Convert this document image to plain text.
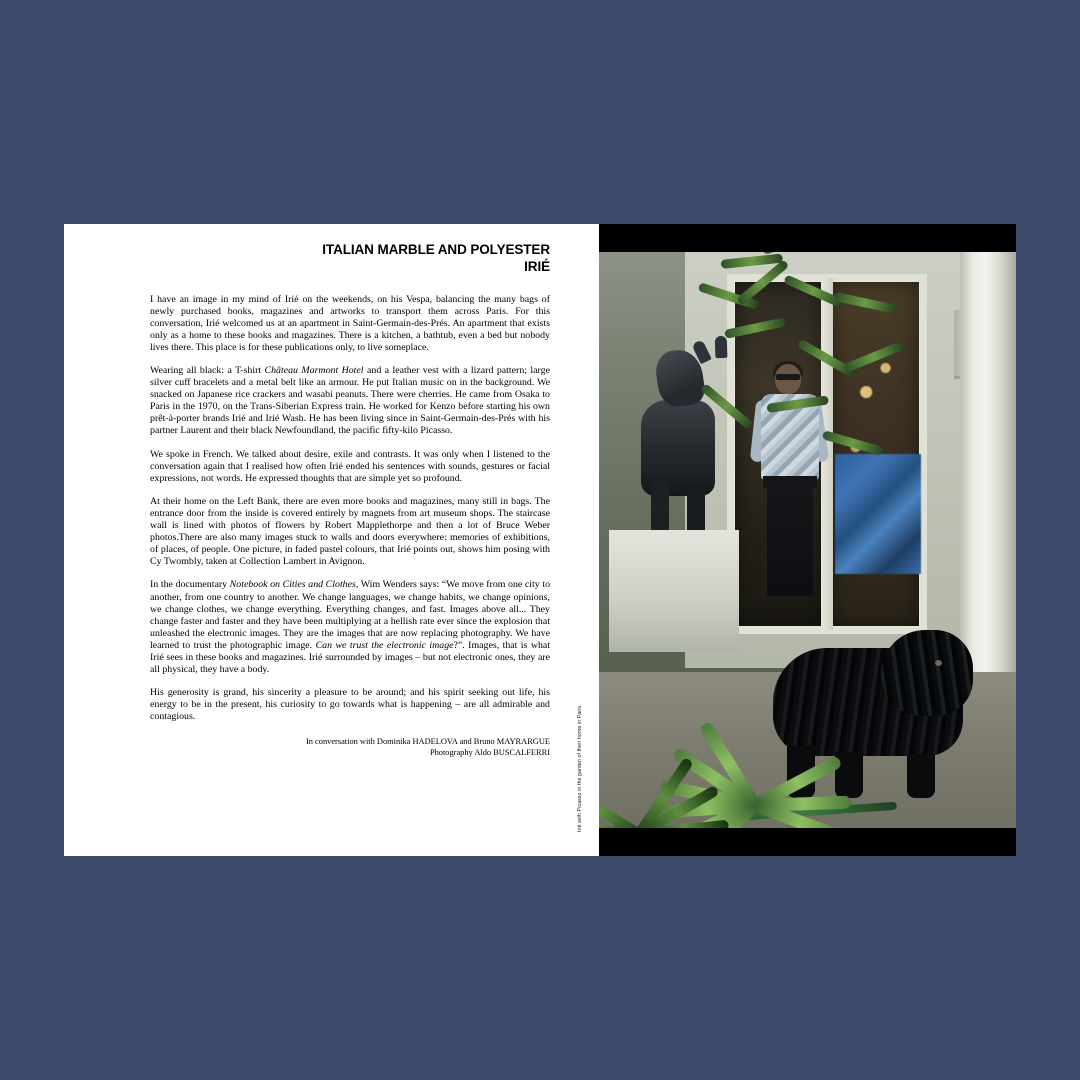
ITALIAN MARBLE AND POLYESTER
IRIÉ

I have an image in my mind of Irié on the weekends, on his Vespa, balancing the many bags of newly purchased books, magazines and artworks to transport them across Paris. For this conversation, Irié welcomed us at an apartment in Saint-Germain-des-Prés. An apartment that exists only as a home to these books and magazines. There is a kitchen, a bathtub, even a bed but nobody lives there. This place is for these publications only, to live someplace.

Wearing all black: a T-shirt Château Marmont Hotel and a leather vest with a lizard pattern; large silver cuff bracelets and a metal belt like an armour. He put Italian music on in the background. We snacked on Japanese rice crackers and wasabi peanuts. There were cherries. He came from Osaka to Paris in the 1970, on the Trans-Siberian Express train. He worked for Kenzo before starting his own prêt-à-porter brands Irié and Irié Wash. He has been living since in Saint-Germain-des-Prés with his partner Laurent and their black Newfoundland, the pacific fifty-kilo Picasso.

We spoke in French. We talked about desire, exile and contrasts. It was only when I listened to the conversation again that I realised how often Irié ended his sentences with sounds, gestures or facial expressions, not words. He expressed thoughts that are simple yet so profound.

At their home on the Left Bank, there are even more books and magazines, many still in bags. The entrance door from the inside is covered entirely by magnets from art museum shops. The staircase wall is lined with photos of flowers by Robert Mapplethorpe and then a lot of Bruce Weber photos.There are also many images stuck to walls and doors everywhere: memories of exhibitions, of places, of people. One picture, in faded pastel colours, that Irié points out, shows him posing with Cy Twombly, taken at Collection Lambert in Avignon.

In the documentary Notebook on Cities and Clothes, Wim Wenders says: “We move from one city to another, from one country to another. We change languages, we change habits, we change opinions, we change clothes, we change everything. Everything changes, and fast. Images above all... They change faster and faster and they have been multiplying at a hellish rate ever since the explosion that unleashed the electronic images. They are the images that are now replacing photography. We have learned to trust the photographic image. Can we trust the electronic image?”. Images, that is what Irié sees in these books and magazines. Irié surrounded by images – but not electronic ones, they are all physical, they have a body.

His generosity is grand, his sincerity a pleasure to be around; and his spirit seeking out life, his energy to be in the present, his curiosity to go towards what is happening – are all admirable and contagious.

In conversation with Dominika HADELOVA and Bruno MAYRARGUE
Photography Aldo BUSCALFERRI	Irié with Picasso in the garden of their home in Paris.
